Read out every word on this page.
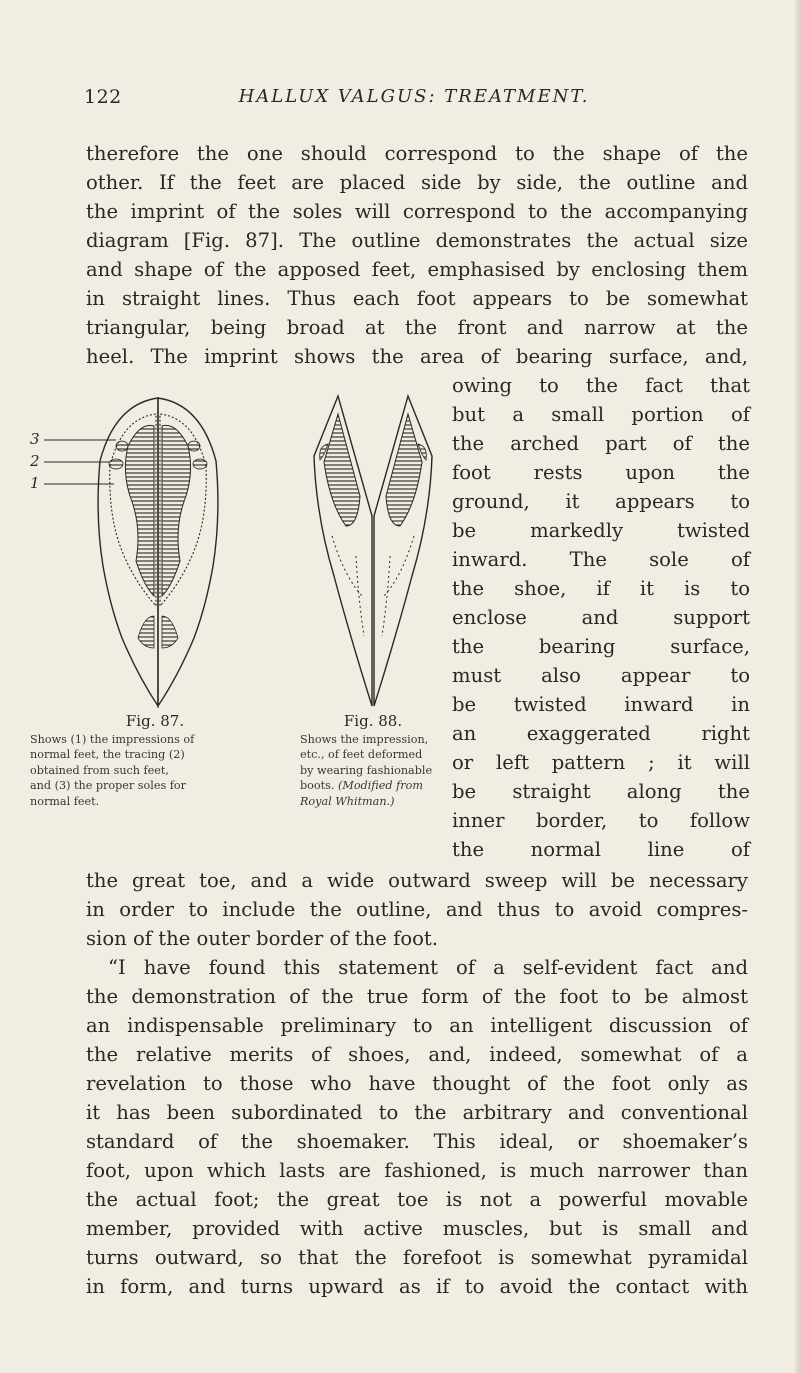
122	HALLUX VALGUS: TREATMENT.
therefore the one should correspond to the shape of the
other. If the feet are placed side by side, the outline and
the imprint of the soles will correspond to the accompanying
diagram [Fig. 87]. The outline demonstrates the actual size
and shape of the apposed feet, emphasised by enclosing them
in straight lines. Thus each foot appears to be somewhat
triangular, being broad at the front and narrow at the
heel. The imprint shows the area of bearing surface, and,
3
2
1
Fig. 87.
Shows (1) the impressions of
normal feet, the tracing (2)
obtained from such feet,
and (3) the proper soles for
normal feet.
Fig. 88.
Shows the impression,
etc., of feet deformed
by wearing fashionable
boots. (Modified from
Royal Whitman.)
owing to the fact that
but a small portion of
the arched part of the
foot rests upon the
ground, it appears to
be markedly twisted
inward. The sole of
the shoe, if it is to
enclose and support
the bearing surface,
must also appear to
be twisted inward in
an exaggerated right
or left pattern ; it will
be straight along the
inner border, to follow
the normal line of
the great toe, and a wide outward sweep will be necessary
in order to include the outline, and thus to avoid compres-
sion of the outer border of the foot.
“I have found this statement of a self-evident fact and
the demonstration of the true form of the foot to be almost
an indispensable preliminary to an intelligent discussion of
the relative merits of shoes, and, indeed, somewhat of a
revelation to those who have thought of the foot only as
it has been subordinated to the arbitrary and conventional
standard of the shoemaker. This ideal, or shoemaker’s
foot, upon which lasts are fashioned, is much narrower than
the actual foot; the great toe is not a powerful movable
member, provided with active muscles, but is small and
turns outward, so that the forefoot is somewhat pyramidal
in form, and turns upward as if to avoid the contact with
